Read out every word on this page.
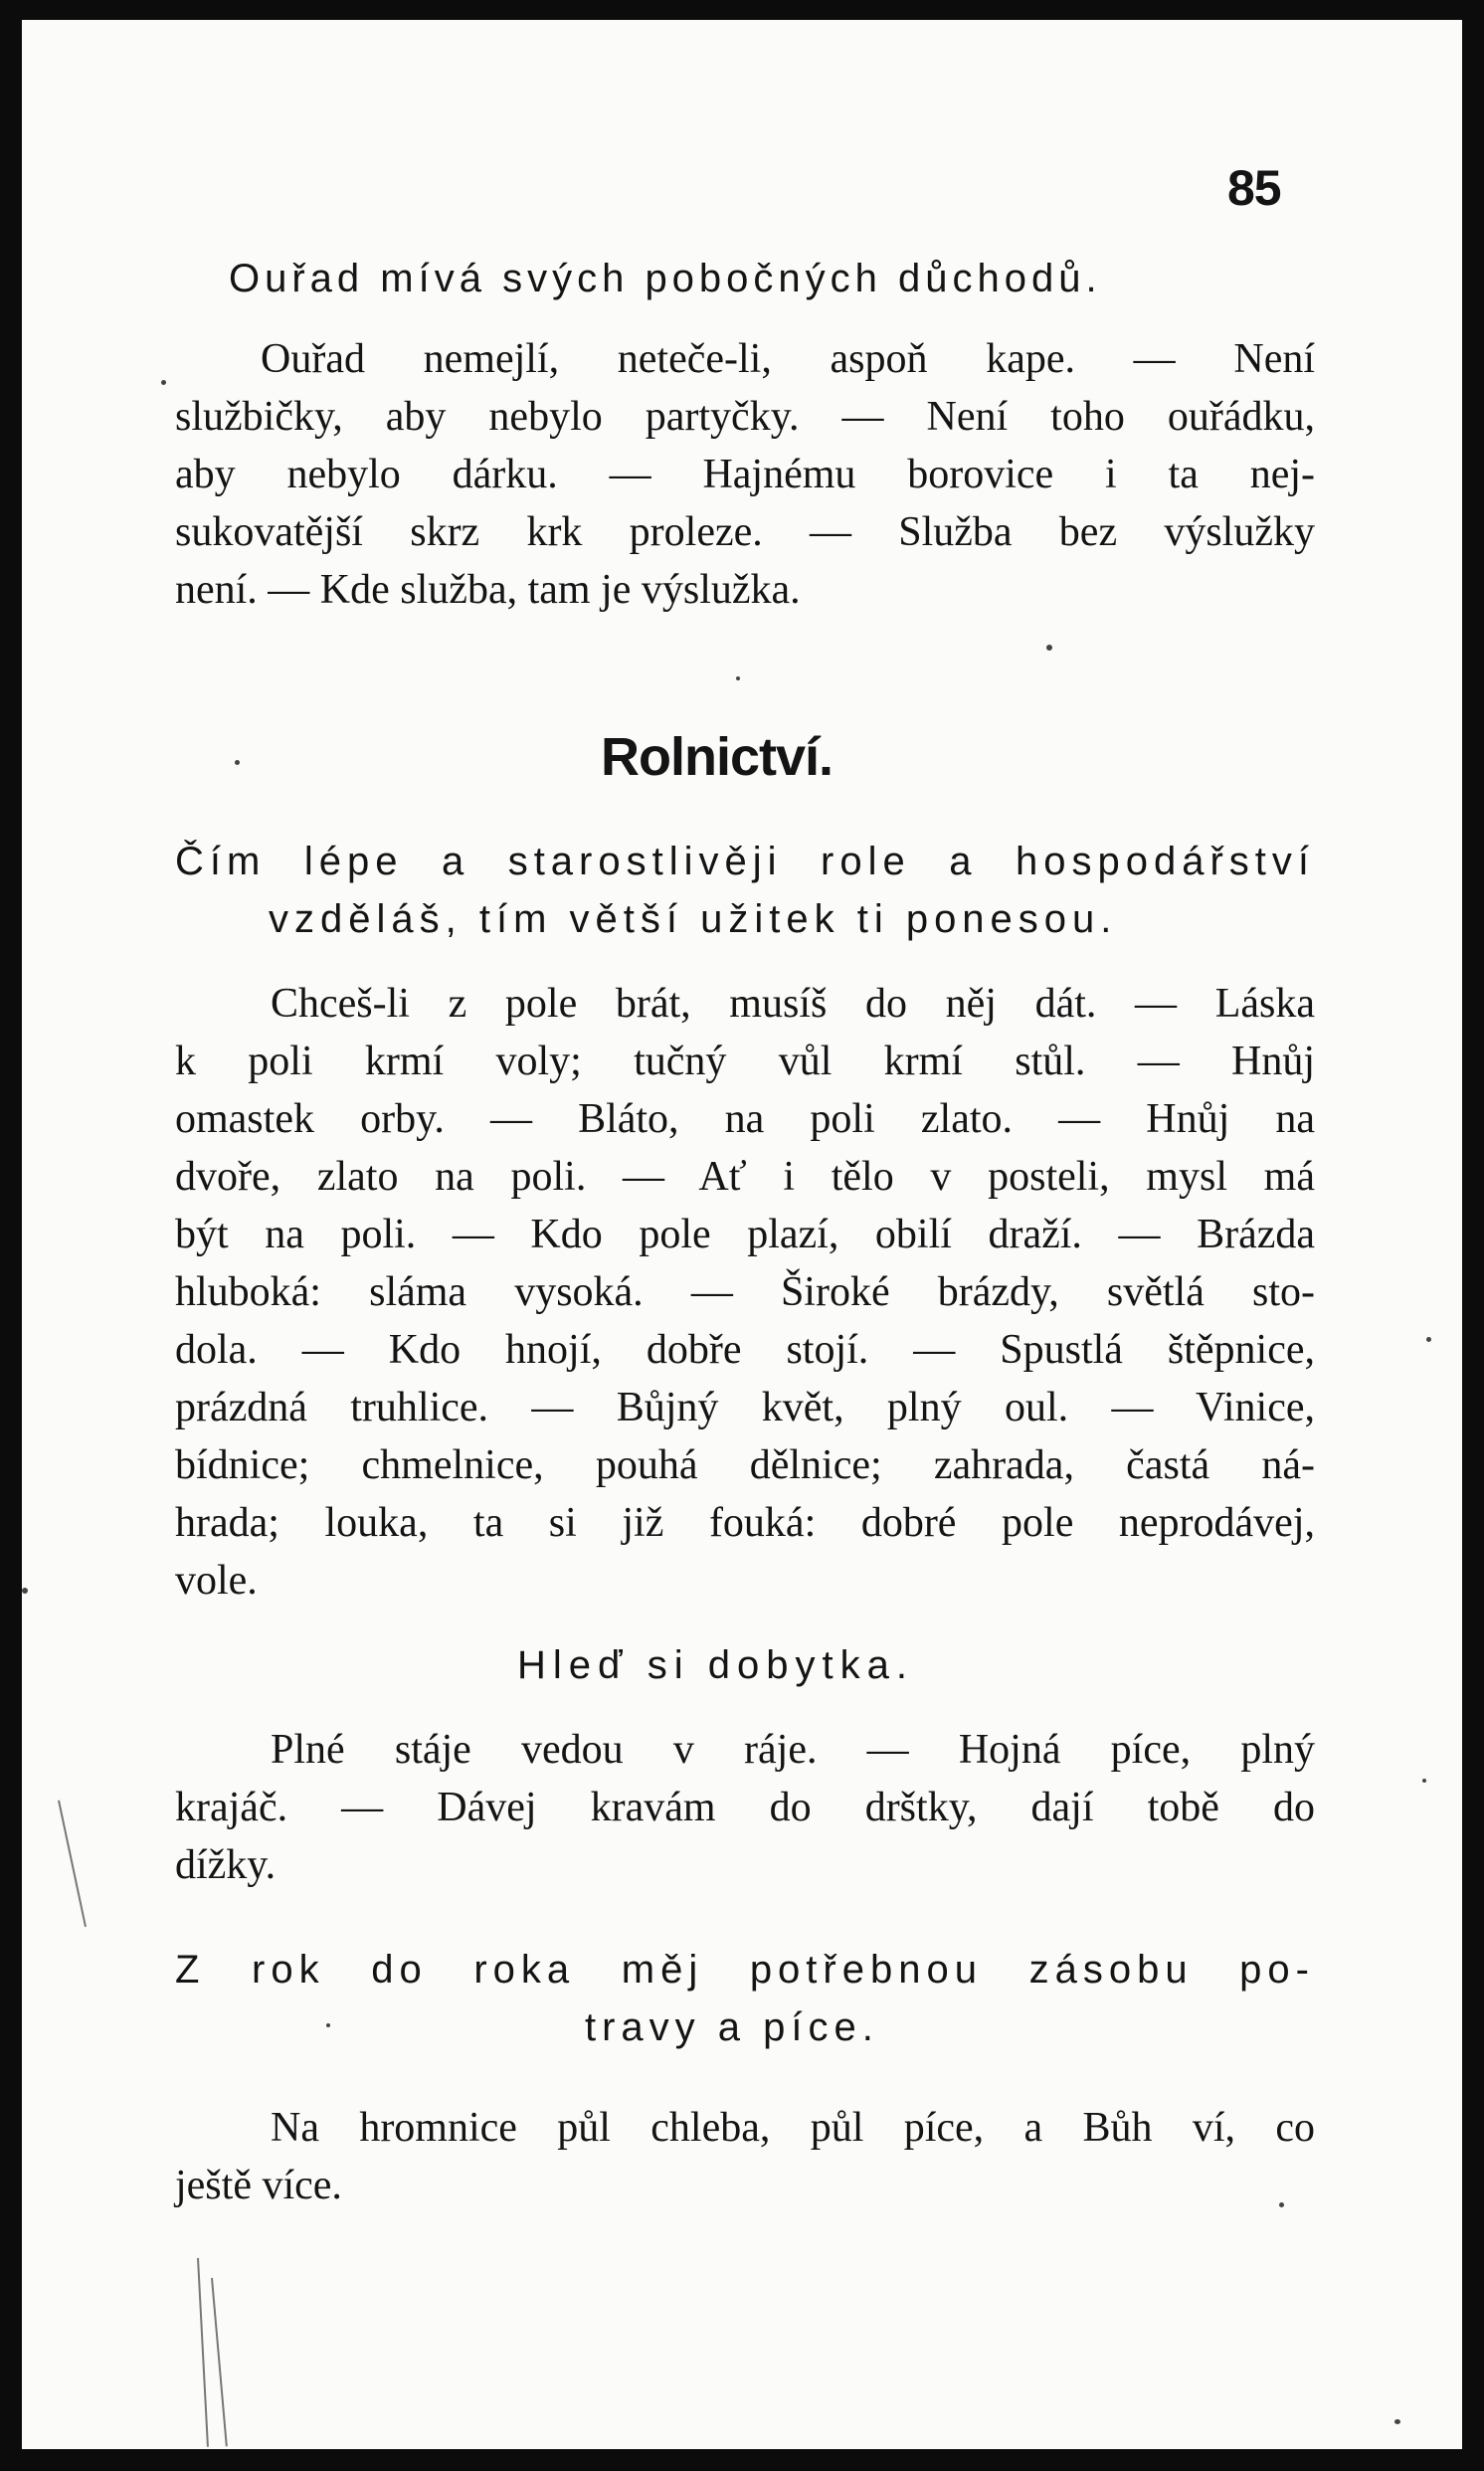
85
Ouřad mívá svých pobočných důchodů.
Ouřad nemejlí, neteče-li, aspoň kape. — Není
službičky, aby nebylo partyčky. — Není toho ouřádku,
aby nebylo dárku. — Hajnému borovice i ta nej-
sukovatější skrz krk proleze. — Služba bez výslužky
není. — Kde služba, tam je výslužka.
Rolnictví.
Čím lépe a starostlivěji role a hospodářství
vzděláš, tím větší užitek ti ponesou.
Chceš-li z pole brát, musíš do něj dát. — Láska
k poli krmí voly; tučný vůl krmí stůl. — Hnůj
omastek orby. — Bláto, na poli zlato. — Hnůj na
dvoře, zlato na poli. — Ať i tělo v posteli, mysl má
být na poli. — Kdo pole plazí, obilí draží. — Brázda
hluboká: sláma vysoká. — Široké brázdy, světlá sto-
dola. — Kdo hnojí, dobře stojí. — Spustlá štěpnice,
prázdná truhlice. — Bůjný květ, plný oul. — Vinice,
bídnice; chmelnice, pouhá dělnice; zahrada, častá ná-
hrada; louka, ta si již fouká: dobré pole neprodávej,
vole.
Hleď si dobytka.
Plné stáje vedou v ráje. — Hojná píce, plný
krajáč. — Dávej kravám do drštky, dají tobě do
dížky.
Z rok do roka měj potřebnou zásobu po-
travy a píce.
Na hromnice půl chleba, půl píce, a Bůh ví, co
ještě více.
